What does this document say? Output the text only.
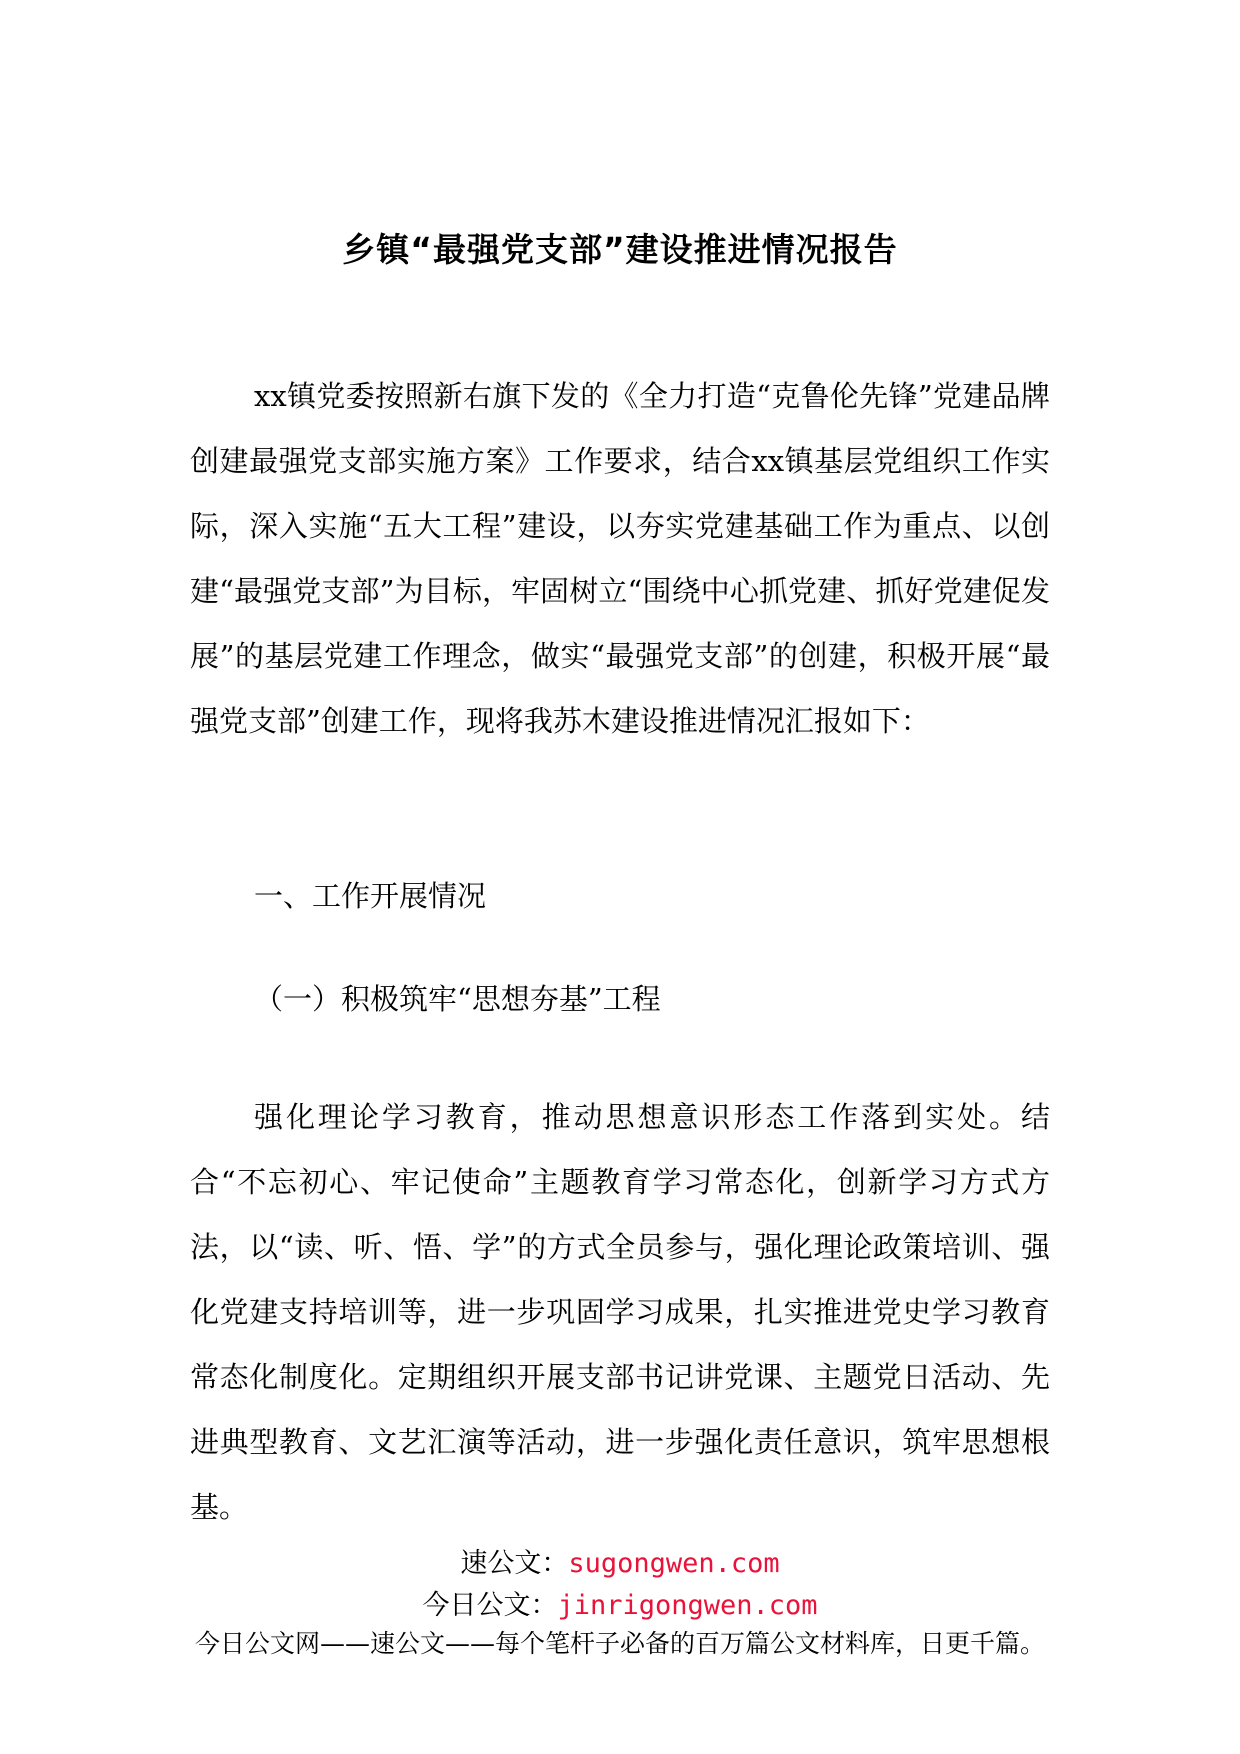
乡镇“最强党支部”建设推进情况报告

xx镇党委按照新右旗下发的《全力打造“克鲁伦先锋”党建品牌创建最强党支部实施方案》工作要求，结合xx镇基层党组织工作实际，深入实施“五大工程”建设，以夯实党建基础工作为重点、以创建“最强党支部”为目标，牢固树立“围绕中心抓党建、抓好党建促发展”的基层党建工作理念，做实“最强党支部”的创建，积极开展“最强党支部”创建工作，现将我苏木建设推进情况汇报如下：

一、工作开展情况

（一）积极筑牢“思想夯基”工程

强化理论学习教育，推动思想意识形态工作落到实处。结合“不忘初心、牢记使命”主题教育学习常态化，创新学习方式方法，以“读、听、悟、学”的方式全员参与，强化理论政策培训、强化党建支持培训等，进一步巩固学习成果，扎实推进党史学习教育常态化制度化。定期组织开展支部书记讲党课、主题党日活动、先进典型教育、文艺汇演等活动，进一步强化责任意识，筑牢思想根基。

速公文：sugongwen.com
今日公文：jinrigongwen.com
今日公文网——速公文——每个笔杆子必备的百万篇公文材料库，日更千篇。
